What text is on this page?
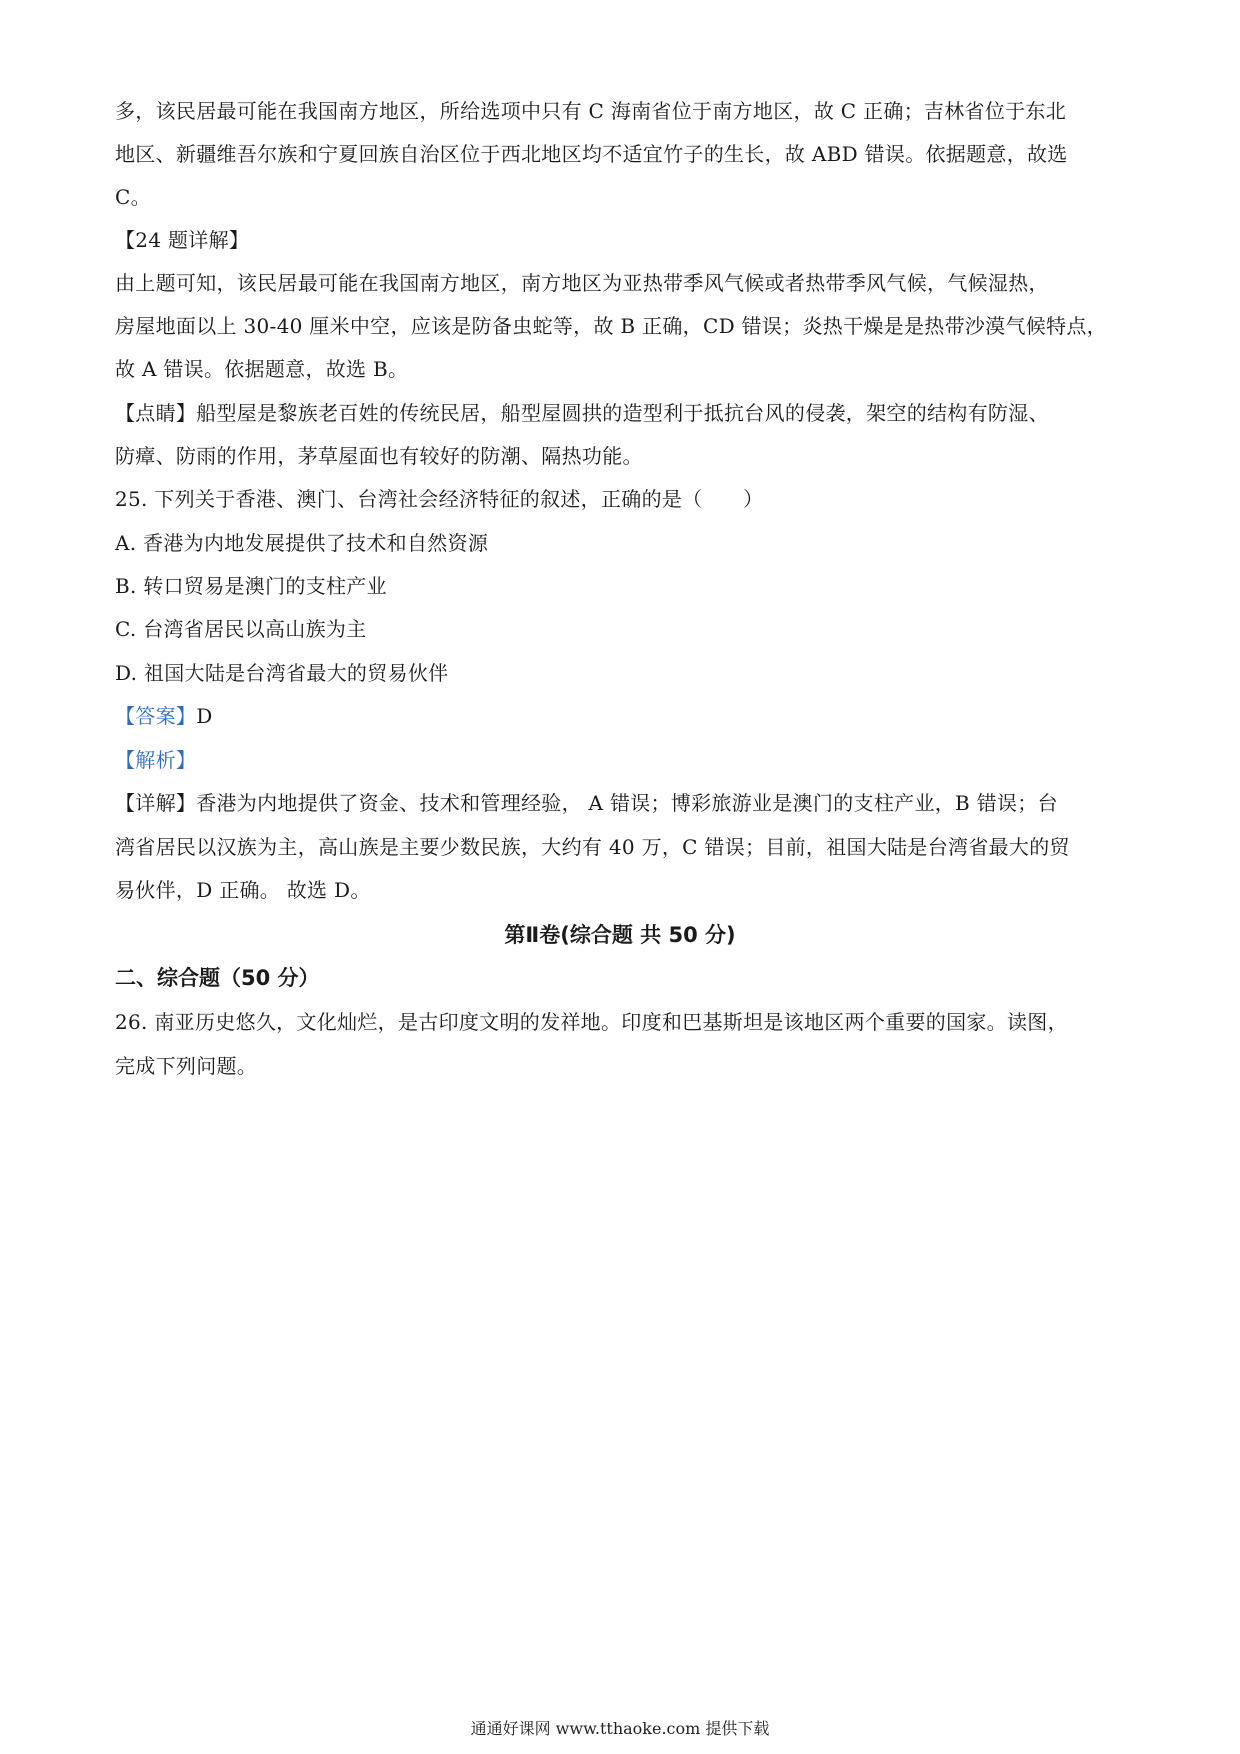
多，该民居最可能在我国南方地区，所给选项中只有 C 海南省位于南方地区，故 C 正确；吉林省位于东北
地区、新疆维吾尔族和宁夏回族自治区位于西北地区均不适宜竹子的生长，故 ABD 错误。依据题意，故选
C。
【24 题详解】
由上题可知，该民居最可能在我国南方地区，南方地区为亚热带季风气候或者热带季风气候，气候湿热，
房屋地面以上 30-40 厘米中空，应该是防备虫蛇等，故 B 正确，CD 错误；炎热干燥是是热带沙漠气候特点，
故 A 错误。依据题意，故选 B。
【点睛】船型屋是黎族老百姓的传统民居，船型屋圆拱的造型利于抵抗台风的侵袭，架空的结构有防湿、
防瘴、防雨的作用，茅草屋面也有较好的防潮、隔热功能。
25. 下列关于香港、澳门、台湾社会经济特征的叙述，正确的是（　　）
A. 香港为内地发展提供了技术和自然资源
B. 转口贸易是澳门的支柱产业
C. 台湾省居民以高山族为主
D. 祖国大陆是台湾省最大的贸易伙伴
【答案】D
【解析】
【详解】香港为内地提供了资金、技术和管理经验， A 错误；博彩旅游业是澳门的支柱产业，B 错误；台
湾省居民以汉族为主，高山族是主要少数民族，大约有 40 万，C 错误；目前，祖国大陆是台湾省最大的贸
易伙伴，D 正确。 故选 D。
第Ⅱ卷(综合题 共 50 分)
二、综合题（50 分）
26. 南亚历史悠久，文化灿烂，是古印度文明的发祥地。印度和巴基斯坦是该地区两个重要的国家。读图，
完成下列问题。
通通好课网 www.tthaoke.com 提供下载
